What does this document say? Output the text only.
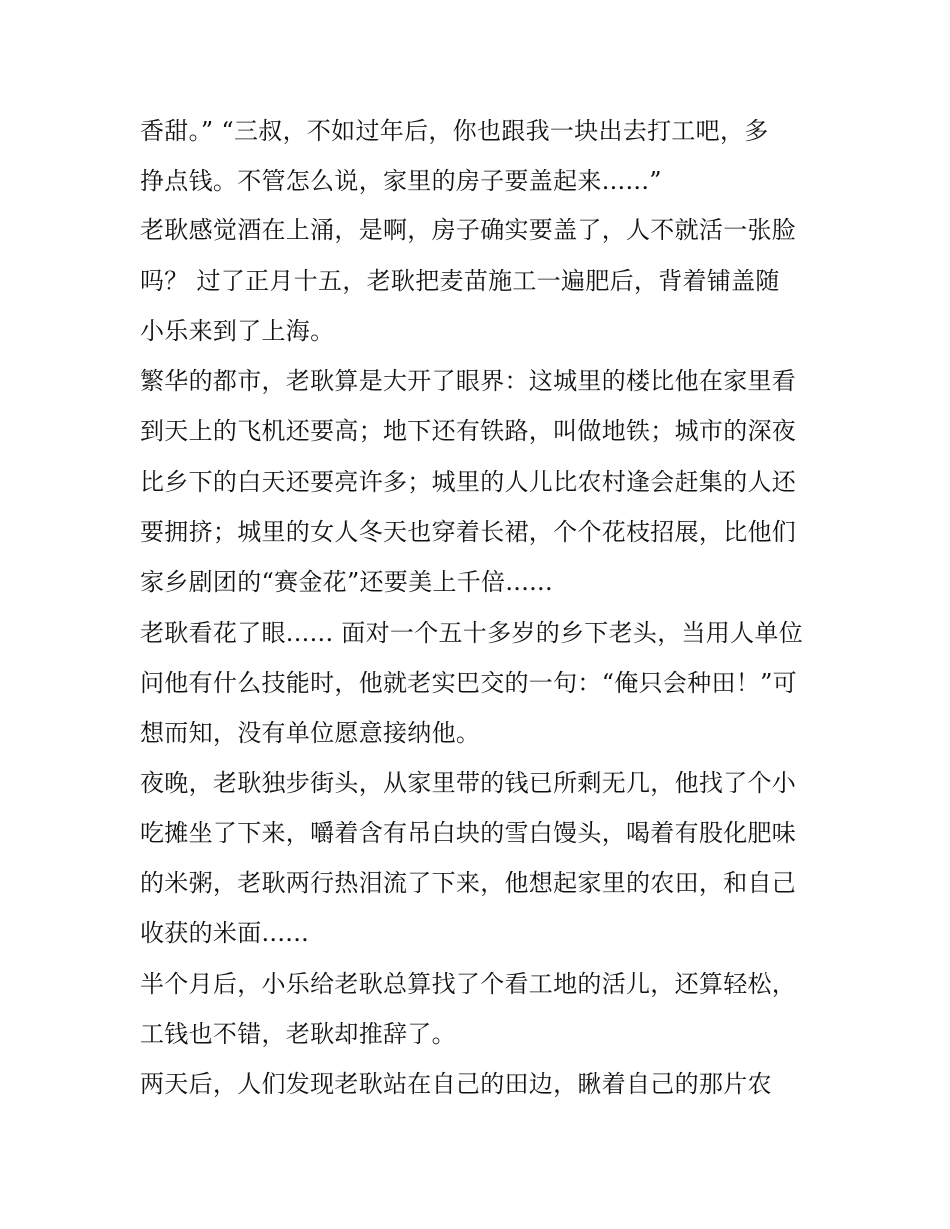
香甜。” “三叔，不如过年后，你也跟我一块出去打工吧，多
挣点钱。不管怎么说，家里的房子要盖起来......”
老耿感觉酒在上涌，是啊，房子确实要盖了，人不就活一张脸
吗？ 过了正月十五，老耿把麦苗施工一遍肥后，背着铺盖随
小乐来到了上海。
繁华的都市，老耿算是大开了眼界：这城里的楼比他在家里看
到天上的飞机还要高；地下还有铁路，叫做地铁；城市的深夜
比乡下的白天还要亮许多；城里的人儿比农村逢会赶集的人还
要拥挤；城里的女人冬天也穿着长裙，个个花枝招展，比他们
家乡剧团的“赛金花”还要美上千倍......
老耿看花了眼...... 面对一个五十多岁的乡下老头，当用人单位
问他有什么技能时，他就老实巴交的一句：“俺只会种田！”可
想而知，没有单位愿意接纳他。
夜晚，老耿独步街头，从家里带的钱已所剩无几，他找了个小
吃摊坐了下来，嚼着含有吊白块的雪白馒头，喝着有股化肥味
的米粥，老耿两行热泪流了下来，他想起家里的农田，和自己
收获的米面......
半个月后，小乐给老耿总算找了个看工地的活儿，还算轻松，
工钱也不错，老耿却推辞了。
两天后，人们发现老耿站在自己的田边，瞅着自己的那片农
